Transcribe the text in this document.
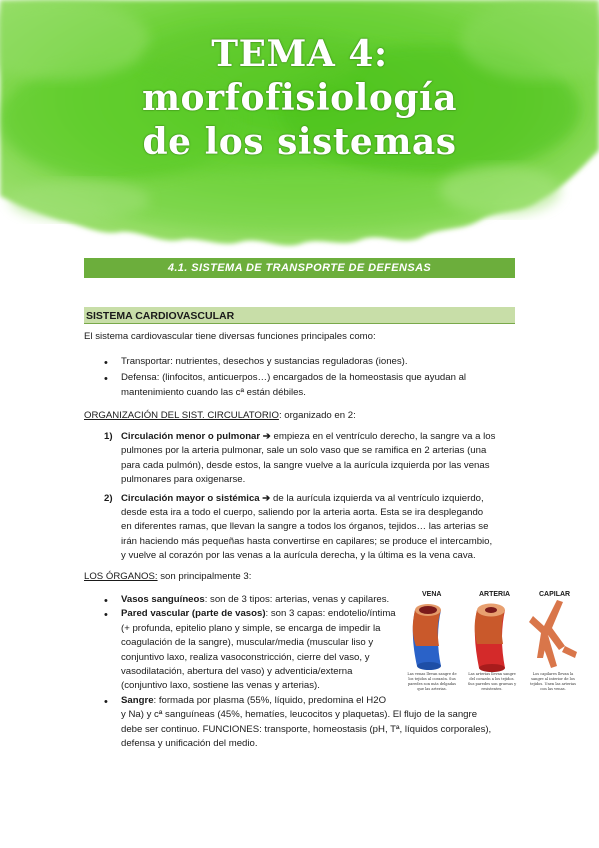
TEMA 4:
morfofisiología
de los sistemas
4.1. SISTEMA DE TRANSPORTE DE DEFENSAS
SISTEMA CARDIOVASCULAR
El sistema cardiovascular tiene diversas funciones principales como:
• Transportar: nutrientes, desechos y sustancias reguladoras (iones).
• Defensa: (linfocitos, anticuerpos…) encargados de la homeostasis que ayudan al
mantenimiento cuando las cª están débiles.
ORGANIZACIÓN DEL SIST. CIRCULATORIO: organizado en 2:
1) Circulación menor o pulmonar ➔ empieza en el ventrículo derecho, la sangre va a los
pulmones por la arteria pulmonar, sale un solo vaso que se ramifica en 2 arterias (una
para cada pulmón), desde estos, la sangre vuelve a la aurícula izquierda por las venas
pulmonares para oxigenarse.
2) Circulación mayor o sistémica ➔ de la aurícula izquierda va al ventrículo izquierdo,
desde esta ira a todo el cuerpo, saliendo por la arteria aorta. Esta se ira desplegando
en diferentes ramas, que llevan la sangre a todos los órganos, tejidos… las arterias se
irán haciendo más pequeñas hasta convertirse en capilares; se produce el intercambio,
y vuelve al corazón por las venas a la aurícula derecha, y la última es la vena cava.
LOS ÓRGANOS: son principalmente 3:
• Vasos sanguíneos: son de 3 tipos: arterias, venas y capilares.
• Pared vascular (parte de vasos): son 3 capas: endotelio/íntima
(+ profunda, epitelio plano y simple, se encarga de impedir la
coagulación de la sangre), muscular/media (muscular liso y
conjuntivo laxo, realiza vasoconstricción, cierre del vaso, y
vasodilatación, abertura del vaso) y adventicia/externa
(conjuntivo laxo, sostiene las venas y arterias).
• Sangre: formada por plasma (55%, líquido, predomina el H2O
y Na) y cª sanguíneas (45%, hematíes, leucocitos y plaquetas). El flujo de la sangre
debe ser continuo. FUNCIONES: transporte, homeostasis (pH, Tª, líquidos corporales),
defensa y unificación del medio.
VENA	ARTERIA	CAPILAR
Las venas llevan sangre de los tejidos al corazón. Sus paredes son más delgadas que las arterias.
Las arterias llevan sangre del corazón a los tejidos. Sus paredes son gruesas y resistentes.
Los capilares llevan la sangre al interior de los tejidos. Unen las arterias con las venas.
